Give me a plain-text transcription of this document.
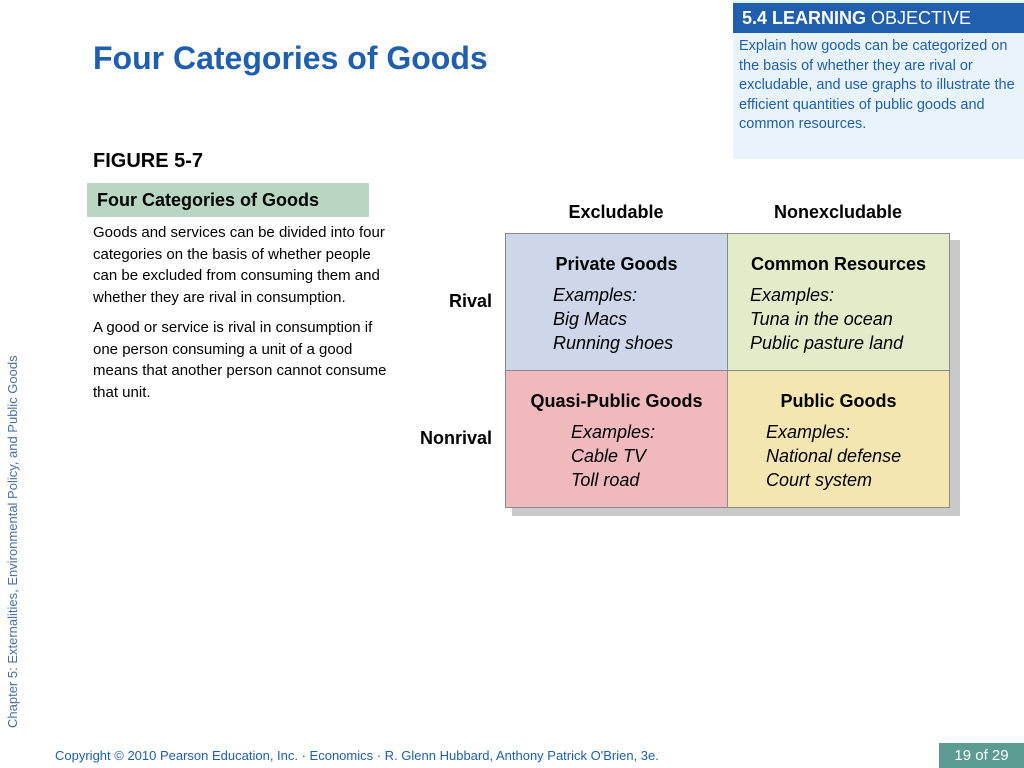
Chapter 5: Externalities, Environmental Policy, and Public Goods
5.4 LEARNING OBJECTIVE
Explain how goods can be categorized on the basis of whether they are rival or excludable, and use graphs to illustrate the efficient quantities of public goods and common resources.
Four Categories of Goods
FIGURE 5-7
Four Categories of Goods

Goods and services can be divided into four categories on the basis of whether people can be excluded from consuming them and whether they are rival in consumption.

A good or service is rival in consumption if one person consuming a unit of a good means that another person cannot consume that unit.

Excludable	Nonexcludable
Rival
Nonrival
Private Goods
Examples:
Big Macs
Running shoes
Common Resources
Examples:
Tuna in the ocean
Public pasture land
Quasi-Public Goods
Examples:
Cable TV
Toll road
Public Goods
Examples:
National defense
Court system
Copyright © 2010 Pearson Education, Inc. · Economics · R. Glenn Hubbard, Anthony Patrick O'Brien, 3e.	19 of 29
